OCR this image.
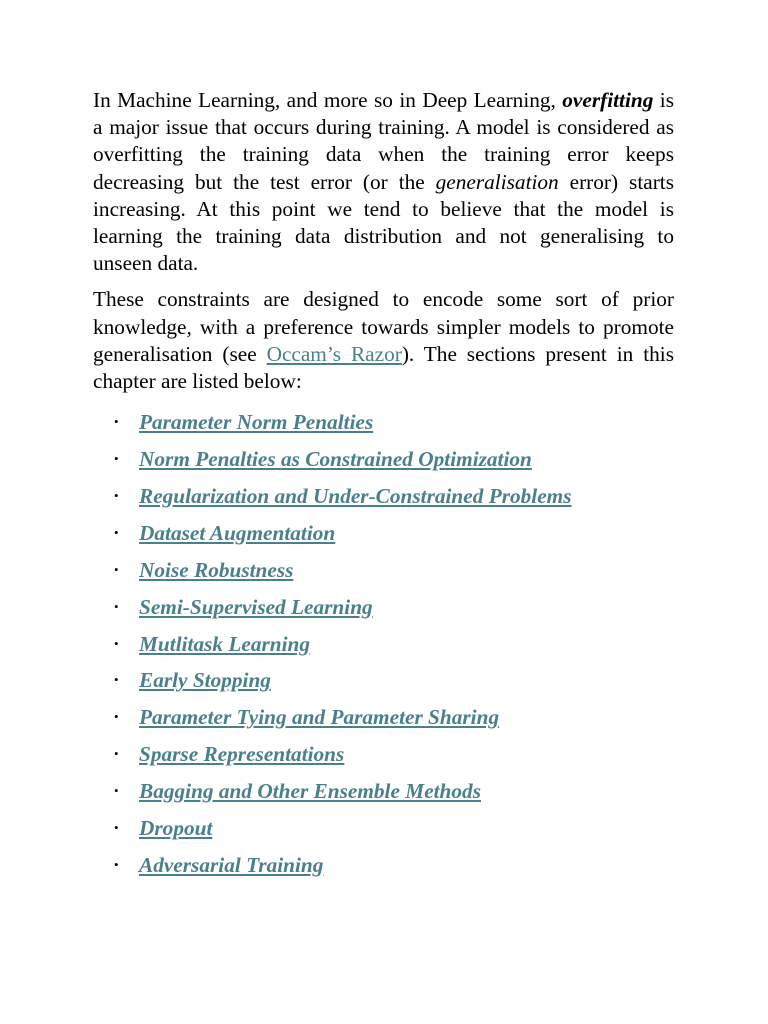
In Machine Learning, and more so in Deep Learning, overfitting is a major issue that occurs during training. A model is considered as overfitting the training data when the training error keeps decreasing but the test error (or the generalisation error) starts increasing. At this point we tend to believe that the model is learning the training data distribution and not generalising to unseen data.

These constraints are designed to encode some sort of prior knowledge, with a preference towards simpler models to promote generalisation (see Occam’s Razor). The sections present in this chapter are listed below:

• Parameter Norm Penalties
• Norm Penalties as Constrained Optimization
• Regularization and Under-Constrained Problems
• Dataset Augmentation
• Noise Robustness
• Semi-Supervised Learning
• Mutlitask Learning
• Early Stopping
• Parameter Tying and Parameter Sharing
• Sparse Representations
• Bagging and Other Ensemble Methods
• Dropout
• Adversarial Training
